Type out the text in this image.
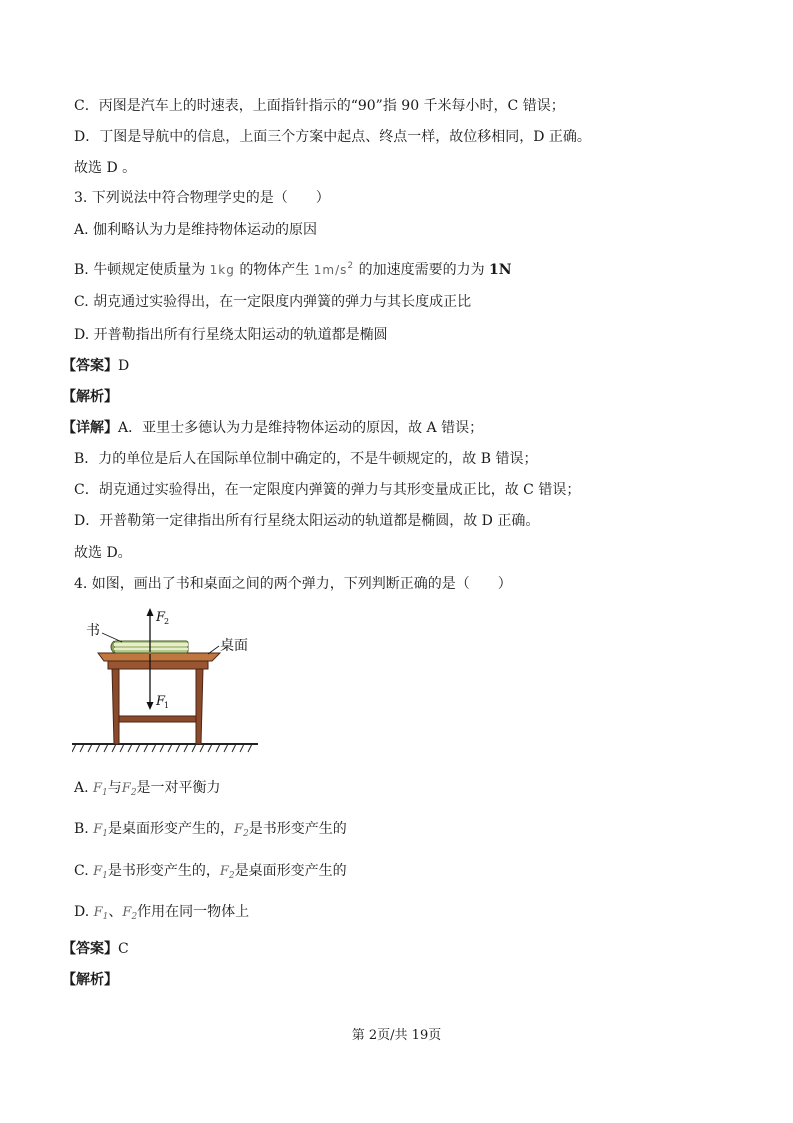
C．丙图是汽车上的时速表，上面指针指示的“90”指 90 千米每小时，C 错误；
D．丁图是导航中的信息，上面三个方案中起点、终点一样，故位移相同，D 正确。
故选 D 。
3. 下列说法中符合物理学史的是（　　）
A. 伽利略认为力是维持物体运动的原因
B. 牛顿规定使质量为 1kg 的物体产生 $1m/s^2$ 的加速度需要的力为 1N
C. 胡克通过实验得出，在一定限度内弹簧的弹力与其长度成正比
D. 开普勒指出所有行星绕太阳运动的轨道都是椭圆
【答案】D
【解析】
【详解】A．亚里士多德认为力是维持物体运动的原因，故 A 错误；
B．力的单位是后人在国际单位制中确定的，不是牛顿规定的，故 B 错误；
C．胡克通过实验得出，在一定限度内弹簧的弹力与其形变量成正比，故 C 错误；
D．开普勒第一定律指出所有行星绕太阳运动的轨道都是椭圆，故 D 正确。
故选 D。
4. 如图，画出了书和桌面之间的两个弹力，下列判断正确的是（　　）
书
桌面
F
2
F
1
A. $F_1$与$F_2$是一对平衡力
B. $F_1$是桌面形变产生的，$F_2$是书形变产生的
C. $F_1$是书形变产生的，$F_2$是桌面形变产生的
D. $F_1$、$F_2$作用在同一物体上
【答案】C
【解析】
第 2页/共 19页
